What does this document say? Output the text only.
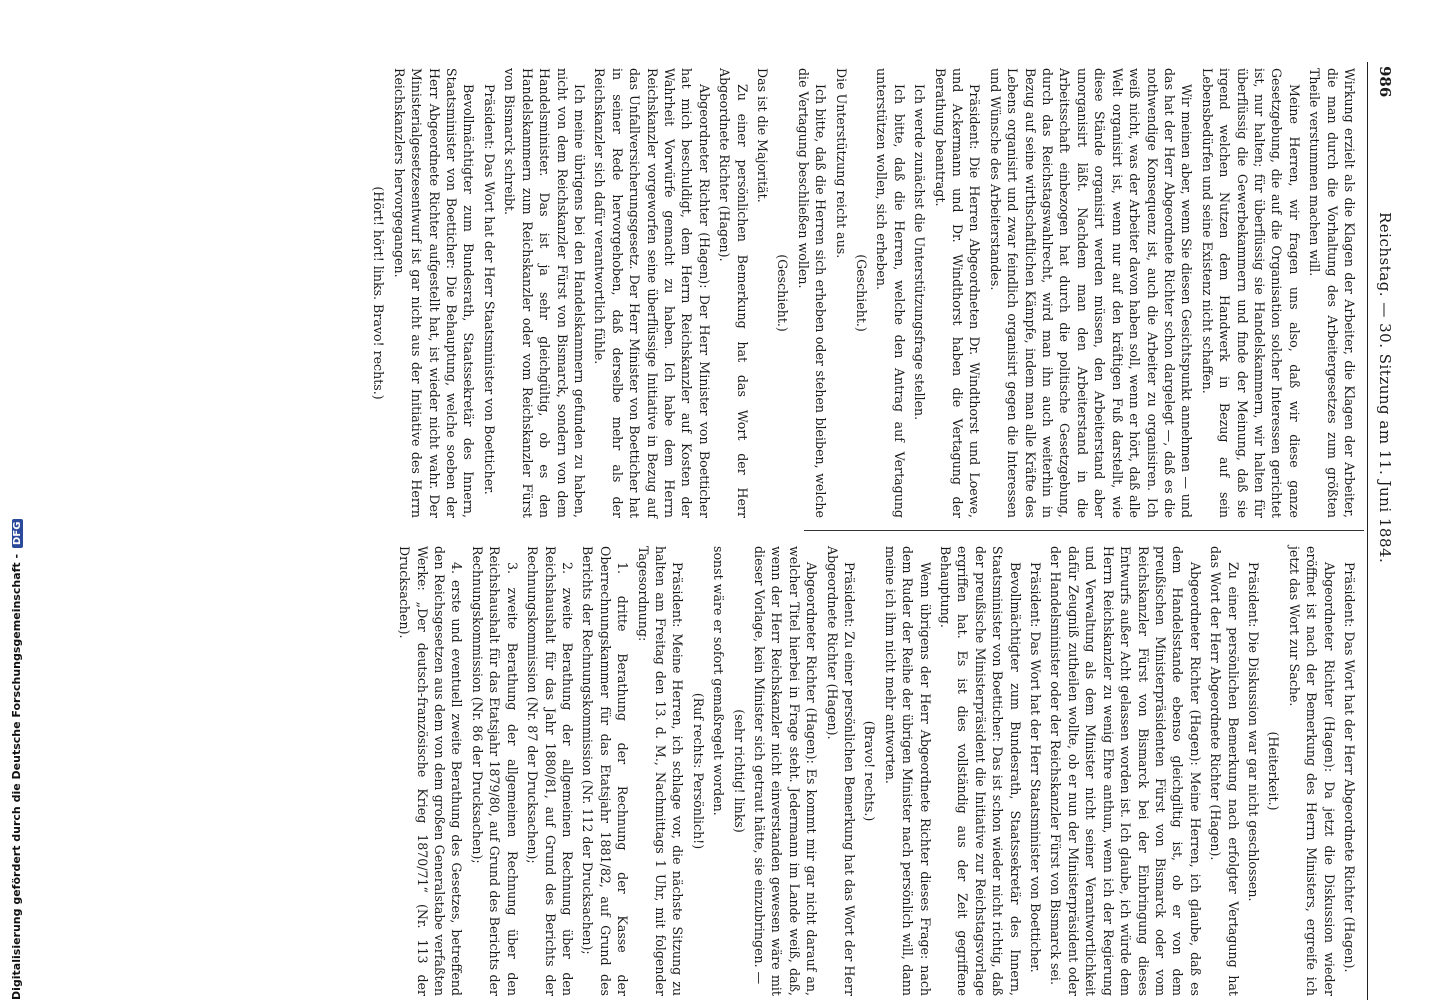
986
Reichstag. — 30. Sitzung am 11. Juni 1884.

Wirkung erzielt als die Klagen der Arbeiter, die Klagen der Arbeiter, die man durch die Vorhaltung des Arbeitergesetzes zum größten Theile verstummen machen will.

Meine Herren, wir fragen uns also, daß wir diese ganze Gesetzgebung, die auf die Organisation solcher Interessen gerichtet ist, nur halten; für überflüssig sie Handelskammern, wir halten für überflüssig die Gewerbekammern und finde der Meinung, daß sie irgend welchen Nutzen dem Handwerk in Bezug auf sein Lebensbedürfen und seine Existenz nicht schaffen.

Wir meinen aber, wenn Sie diesen Gesichtspunkt annehmen — und das hat der Herr Abgeordnete Richter schon dargelegt —, daß es die nothwendige Konsequenz ist, auch die Arbeiter zu organisiren. Ich weiß nicht, was der Arbeiter davon haben soll, wenn er hört, daß alle Welt organisirt ist, wenn nur auf den kräftigen Fuß darstellt, wie diese Stände organisirt werden müssen, den Arbeiterstand aber unorganisirt läßt. Nachdem man den Arbeiterstand in die Arbeitsschaft einbezogen hat durch die politische Gesetzgebung, durch das Reichstagswahlrecht, wird man ihn auch weiterhin in Bezug auf seine wirthschaftlichen Kämpfe, indem man alle Kräfte des Lebens organisirt und zwar feindlich organisirt gegen die Interessen und Wünsche des Arbeiterstandes.

Präsident: Die Herren Abgeordneten Dr. Windthorst und Loewe, und Ackermann und Dr. Windthorst haben die Vertagung der Berathung beantragt.

Ich werde zunächst die Unterstützungsfrage stellen.

Ich bitte, daß die Herren, welche den Antrag auf Vertagung unterstützen wollen, sich erheben.

(Geschieht.)

Die Unterstützung reicht aus.

Ich bitte, daß die Herren sich erheben oder stehen bleiben, welche die Vertagung beschließen wollen.

(Geschieht.)

Das ist die Majorität.

Zu einer persönlichen Bemerkung hat das Wort der Herr Abgeordnete Richter (Hagen).

Abgeordneter Richter (Hagen): Der Herr Minister von Boetticher hat mich beschuldigt, dem Herrn Reichskanzler auf Kosten der Wahrheit Vorwürfe gemacht zu haben. Ich habe dem Herrn Reichskanzler vorgeworfen seine überflüssige Initiative in Bezug auf das Unfallversicherungsgesetz. Der Herr Minister von Boetticher hat in seiner Rede hervorgehoben, daß derselbe mehr als der Reichskanzler sich dafür verantwortlich fühle.

Ich meine übrigens bei den Handelskammern gefunden zu haben, nicht von dem Reichskanzler Fürst von Bismarck, sondern von dem Handelsminister. Das ist ja sehr gleichgültig, ob es den Handelskammern zum Reichskanzler oder vom Reichskanzler Fürst von Bismarck schreibt.

Präsident: Das Wort hat der Herr Staatsminister von Boetticher.

Bevollmächtigter zum Bundesrath, Staatssekretär des Innern, Staatsminister von Boetticher: Die Behauptung, welche soeben der Herr Abgeordnete Richter aufgestellt hat, ist wieder nicht wahr. Der Ministerialgesetzesentwurf ist gar nicht aus der Initiative des Herrn Reichskanzlers hervorgegangen.

(Hört! hört! links. Bravo! rechts.)

Präsident: Das Wort hat der Herr Abgeordnete Richter (Hagen).

Abgeordneter Richter (Hagen): Da jetzt die Diskussion wieder eröffnet ist nach der Bemerkung des Herrn Ministers, ergreife ich jetzt das Wort zur Sache.

(Heiterkeit.)

Präsident: Die Diskussion war gar nicht geschlossen.

Zu einer persönlichen Bemerkung nach erfolgter Vertagung hat das Wort der Herr Abgeordnete Richter (Hagen).

Abgeordneter Richter (Hagen): Meine Herren, ich glaube, daß es dem Handelsstande ebenso gleichgiltig ist, ob er von dem preußischen Ministerpräsidenten Fürst von Bismarck oder vom Reichskanzler Fürst von Bismarck bei der Einbringung dieses Entwurfs außer Acht gelassen worden ist. Ich glaube, ich würde dem Herrn Reichskanzler zu wenig Ehre anthun, wenn ich der Regierung und Verwaltung als dem Minister nicht seiner Verantwortlichkeit dafür Zeugniß zutheilen wollte, ob er nun der Ministerpräsident oder der Handelsminister oder der Reichskanzler Fürst von Bismarck sei.

Präsident: Das Wort hat der Herr Staatsminister von Boetticher.

Bevollmächtigter zum Bundesrath, Staatssekretär des Innern, Staatsminister von Boetticher: Das ist schon wieder nicht richtig, daß der preußische Ministerpräsident die Initiative zur Reichstagsvorlage ergriffen hat. Es ist dies vollständig aus der Zeit gegriffene Behauptung.

Wenn übrigens der Herr Abgeordnete Richter dieses Frage: nach dem Ruder der Reihe der übrigen Minister nach persönlich will, dann meine ich ihm nicht mehr antworten.

(Bravo! rechts.)

Präsident: Zu einer persönlichen Bemerkung hat das Wort der Herr Abgeordnete Richter (Hagen).

Abgeordneter Richter (Hagen): Es kommt mir gar nicht darauf an, welcher Titel hierbei in Frage steht. Jedermann im Lande weiß, daß, wenn der Herr Reichskanzler nicht einverstanden gewesen wäre mit dieser Vorlage, kein Minister sich getraut hätte, sie einzubringen. —

(sehr richtig! links)

sonst wäre er sofort gemaßregelt worden.

(Ruf rechts: Persönlich!)

Präsident: Meine Herren, ich schlage vor, die nächste Sitzung zu halten am Freitag den 13. d. M., Nachmittags 1 Uhr, mit folgender Tagesordnung:

1. dritte Berathung der Rechnung der Kasse der Oberrechnungskammer für das Etatsjahr 1881/82, auf Grund des Berichts der Rechnungskommission (Nr. 112 der Drucksachen);

2. zweite Berathung der allgemeinen Rechnung über den Reichshaushalt für das Jahr 1880/81, auf Grund des Berichts der Rechnungskommission (Nr. 87 der Drucksachen);

3. zweite Berathung der allgemeinen Rechnung über den Reichshaushalt für das Etatsjahr 1879/80, auf Grund des Berichts der Rechnungskommission (Nr. 86 der Drucksachen);

4. erste und eventuell zweite Berathung des Gesetzes, betreffend den Reichsgesetzen aus dem von dem großen Generalstabe verfaßten Werke: „Der deutsch-französische Krieg 1870/71“ (Nr. 113 der Drucksachen).

Digitalisierung gefördert durch die Deutsche Forschungsgemeinschaft -DFG
